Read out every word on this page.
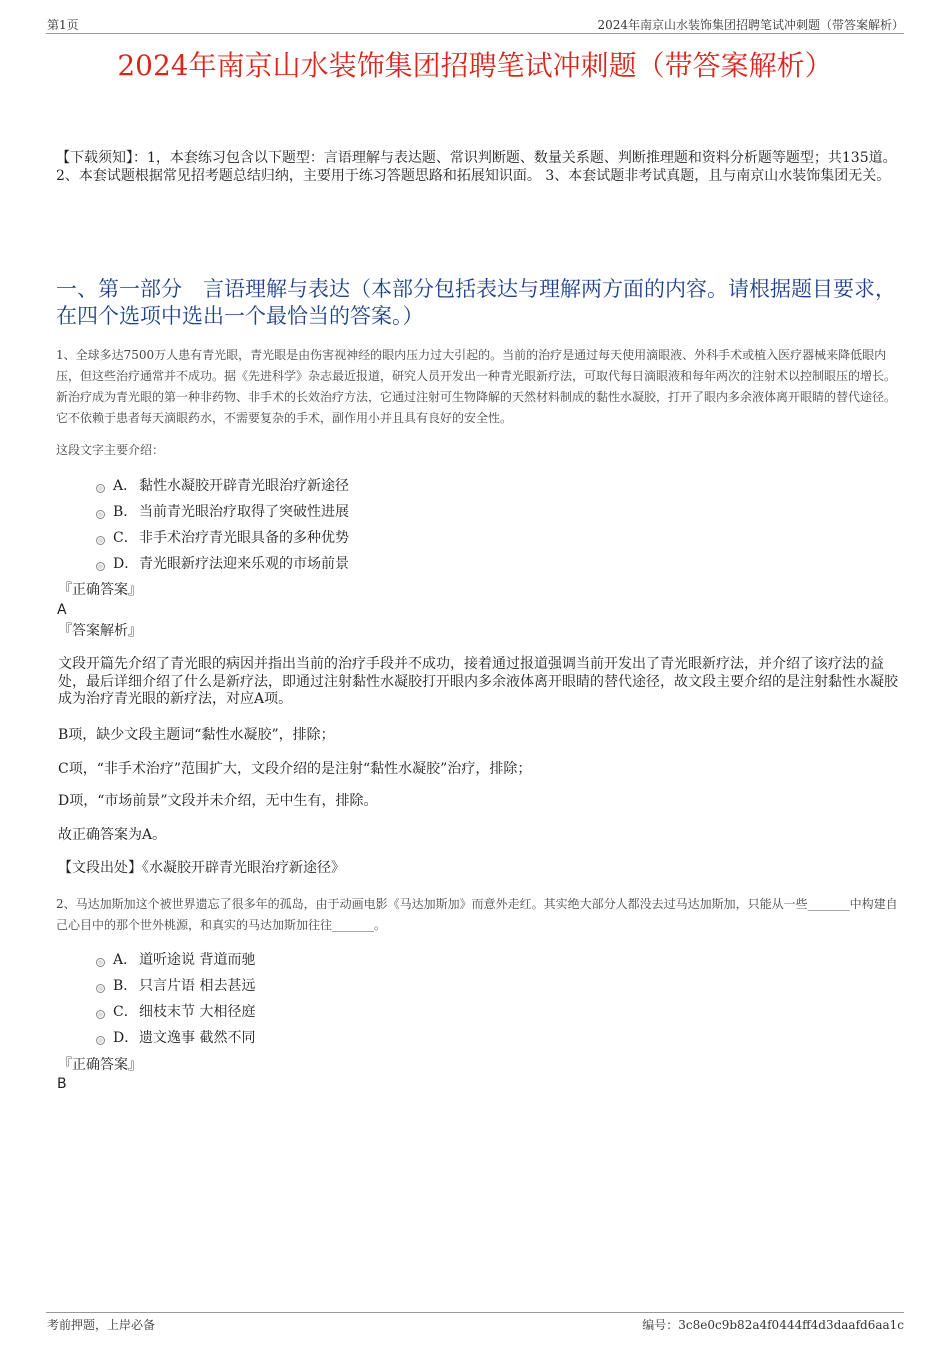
第1页	2024年南京山水装饰集团招聘笔试冲刺题（带答案解析）
2024年南京山水装饰集团招聘笔试冲刺题（带答案解析）
【下载须知】：1，本套练习包含以下题型：言语理解与表达题、常识判断题、数量关系题、判断推理题和资料分析题等题型；共135道。 2、本套试题根据常见招考题总结归纳，主要用于练习答题思路和拓展知识面。 3、本套试题非考试真题，且与南京山水装饰集团无关。
一、第一部分　言语理解与表达（本部分包括表达与理解两方面的内容。请根据题目要求，在四个选项中选出一个最恰当的答案。）
1、全球多达7500万人患有青光眼，青光眼是由伤害视神经的眼内压力过大引起的。当前的治疗是通过每天使用滴眼液、外科手术或植入医疗器械来降低眼内压，但这些治疗通常并不成功。据《先进科学》杂志最近报道，研究人员开发出一种青光眼新疗法，可取代每日滴眼液和每年两次的注射术以控制眼压的增长。新治疗成为青光眼的第一种非药物、非手术的长效治疗方法，它通过注射可生物降解的天然材料制成的黏性水凝胶，打开了眼内多余液体离开眼睛的替代途径。它不依赖于患者每天滴眼药水，不需要复杂的手术，副作用小并且具有良好的安全性。
这段文字主要介绍：
A． 黏性水凝胶开辟青光眼治疗新途径
B． 当前青光眼治疗取得了突破性进展
C．非手术治疗青光眼具备的多种优势
D．青光眼新疗法迎来乐观的市场前景
『正确答案』
A
『答案解析』
文段开篇先介绍了青光眼的病因并指出当前的治疗手段并不成功，接着通过报道强调当前开发出了青光眼新疗法，并介绍了该疗法的益处，最后详细介绍了什么是新疗法，即通过注射黏性水凝胶打开眼内多余液体离开眼睛的替代途径，故文段主要介绍的是注射黏性水凝胶成为治疗青光眼的新疗法，对应A项。
B项，缺少文段主题词“黏性水凝胶”，排除；
C项，“非手术治疗”范围扩大，文段介绍的是注射“黏性水凝胶”治疗，排除；
D项，“市场前景”文段并未介绍，无中生有，排除。
故正确答案为A。
【文段出处】《水凝胶开辟青光眼治疗新途径》
2、马达加斯加这个被世界遗忘了很多年的孤岛，由于动画电影《马达加斯加》而意外走红。其实绝大部分人都没去过马达加斯加，只能从一些_______中构建自己心目中的那个世外桃源，和真实的马达加斯加往往_______。
A． 道听途说 背道而驰
B． 只言片语 相去甚远
C．细枝末节 大相径庭
D．遗文逸事 截然不同
『正确答案』
B
考前押题，上岸必备	编号：3c8e0c9b82a4f0444ff4d3daafd6aa1c
